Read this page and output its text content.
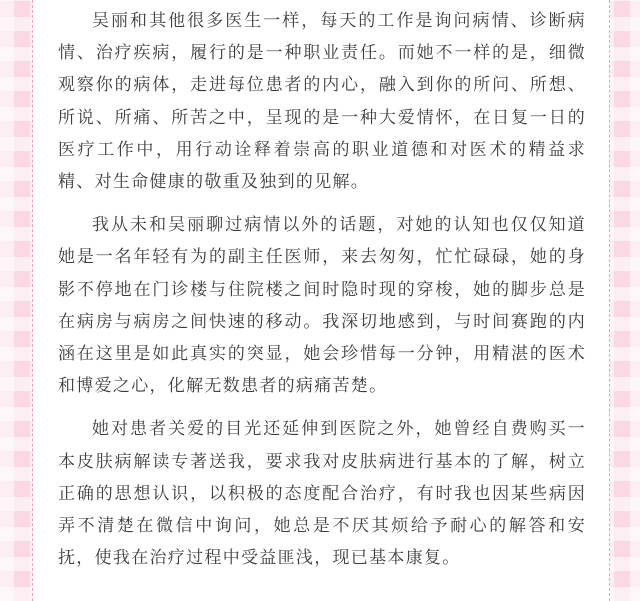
吴丽和其他很多医生一样，每天的工作是询问病情、诊断病情、治疗疾病，履行的是一种职业责任。而她不一样的是，细微观察你的病体，走进每位患者的内心，融入到你的所问、所想、所说、所痛、所苦之中，呈现的是一种大爱情怀，在日复一日的医疗工作中，用行动诠释着崇高的职业道德和对医术的精益求精、对生命健康的敬重及独到的见解。

我从未和吴丽聊过病情以外的话题，对她的认知也仅仅知道她是一名年轻有为的副主任医师，来去匆匆，忙忙碌碌，她的身影不停地在门诊楼与住院楼之间时隐时现的穿梭，她的脚步总是在病房与病房之间快速的移动。我深切地感到，与时间赛跑的内涵在这里是如此真实的突显，她会珍惜每一分钟，用精湛的医术和博爱之心，化解无数患者的病痛苦楚。

她对患者关爱的目光还延伸到医院之外，她曾经自费购买一本皮肤病解读专著送我，要求我对皮肤病进行基本的了解，树立正确的思想认识，以积极的态度配合治疗，有时我也因某些病因弄不清楚在微信中询问，她总是不厌其烦给予耐心的解答和安抚，使我在治疗过程中受益匪浅，现已基本康复。
